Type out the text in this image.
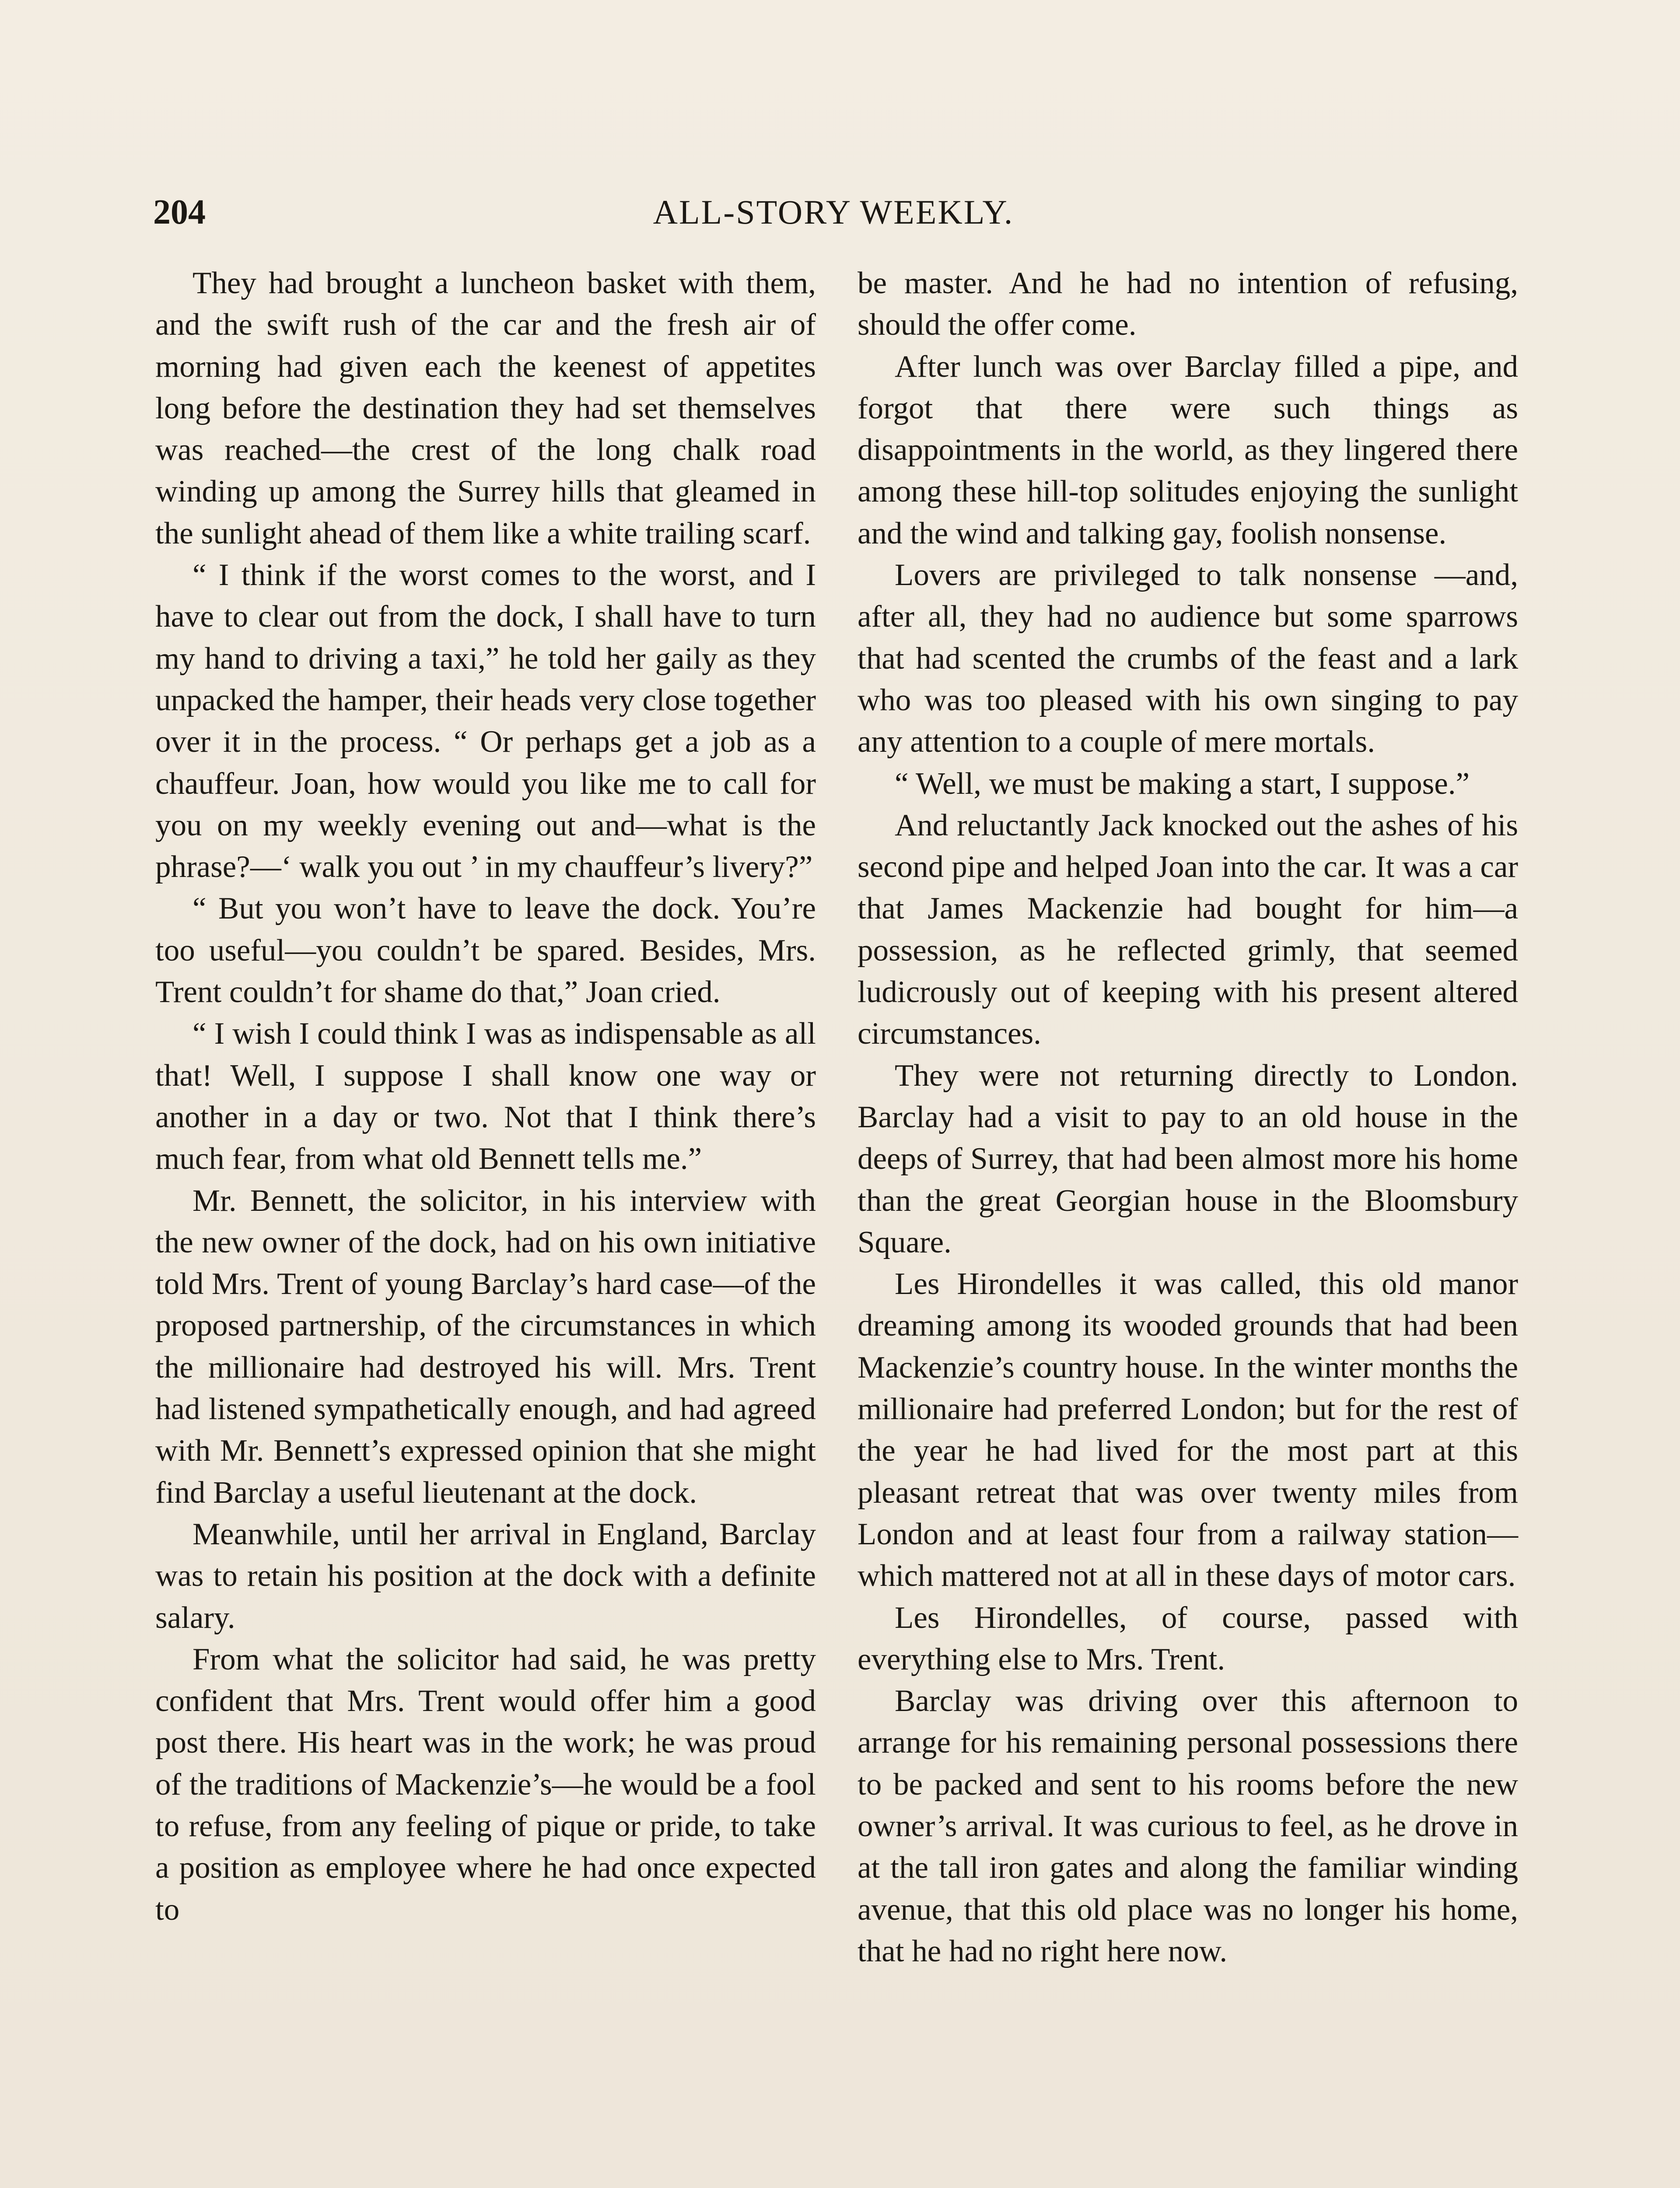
204	ALL-STORY WEEKLY.

They had brought a luncheon basket with them, and the swift rush of the car and the fresh air of morning had given each the keenest of appetites long before the destination they had set themselves was reached—the crest of the long chalk road winding up among the Surrey hills that gleamed in the sunlight ahead of them like a white trailing scarf.

“ I think if the worst comes to the worst, and I have to clear out from the dock, I shall have to turn my hand to driving a taxi,” he told her gaily as they unpacked the hamper, their heads very close together over it in the process. “ Or perhaps get a job as a chauffeur. Joan, how would you like me to call for you on my weekly evening out and—what is the phrase?—‘ walk you out ’ in my chauffeur’s livery?”

“ But you won’t have to leave the dock. You’re too useful—you couldn’t be spared. Besides, Mrs. Trent couldn’t for shame do that,” Joan cried.

“ I wish I could think I was as indispensable as all that! Well, I suppose I shall know one way or another in a day or two. Not that I think there’s much fear, from what old Bennett tells me.”

Mr. Bennett, the solicitor, in his interview with the new owner of the dock, had on his own initiative told Mrs. Trent of young Barclay’s hard case—of the proposed partnership, of the circumstances in which the millionaire had destroyed his will. Mrs. Trent had listened sympathetically enough, and had agreed with Mr. Bennett’s expressed opinion that she might find Barclay a useful lieutenant at the dock.

Meanwhile, until her arrival in England, Barclay was to retain his position at the dock with a definite salary.

From what the solicitor had said, he was pretty confident that Mrs. Trent would offer him a good post there. His heart was in the work; he was proud of the traditions of Mackenzie’s—he would be a fool to refuse, from any feeling of pique or pride, to take a position as employee where he had once expected to

be master. And he had no intention of refusing, should the offer come.

After lunch was over Barclay filled a pipe, and forgot that there were such things as disappointments in the world, as they lingered there among these hill-top solitudes enjoying the sunlight and the wind and talking gay, foolish nonsense.

Lovers are privileged to talk nonsense —and, after all, they had no audience but some sparrows that had scented the crumbs of the feast and a lark who was too pleased with his own singing to pay any attention to a couple of mere mortals.

“ Well, we must be making a start, I suppose.”

And reluctantly Jack knocked out the ashes of his second pipe and helped Joan into the car. It was a car that James Mackenzie had bought for him—a possession, as he reflected grimly, that seemed ludicrously out of keeping with his present altered circumstances.

They were not returning directly to London. Barclay had a visit to pay to an old house in the deeps of Surrey, that had been almost more his home than the great Georgian house in the Bloomsbury Square.

Les Hirondelles it was called, this old manor dreaming among its wooded grounds that had been Mackenzie’s country house. In the winter months the millionaire had preferred London; but for the rest of the year he had lived for the most part at this pleasant retreat that was over twenty miles from London and at least four from a railway station—which mattered not at all in these days of motor cars.

Les Hirondelles, of course, passed with everything else to Mrs. Trent.

Barclay was driving over this afternoon to arrange for his remaining personal possessions there to be packed and sent to his rooms before the new owner’s arrival. It was curious to feel, as he drove in at the tall iron gates and along the familiar winding avenue, that this old place was no longer his home, that he had no right here now.
